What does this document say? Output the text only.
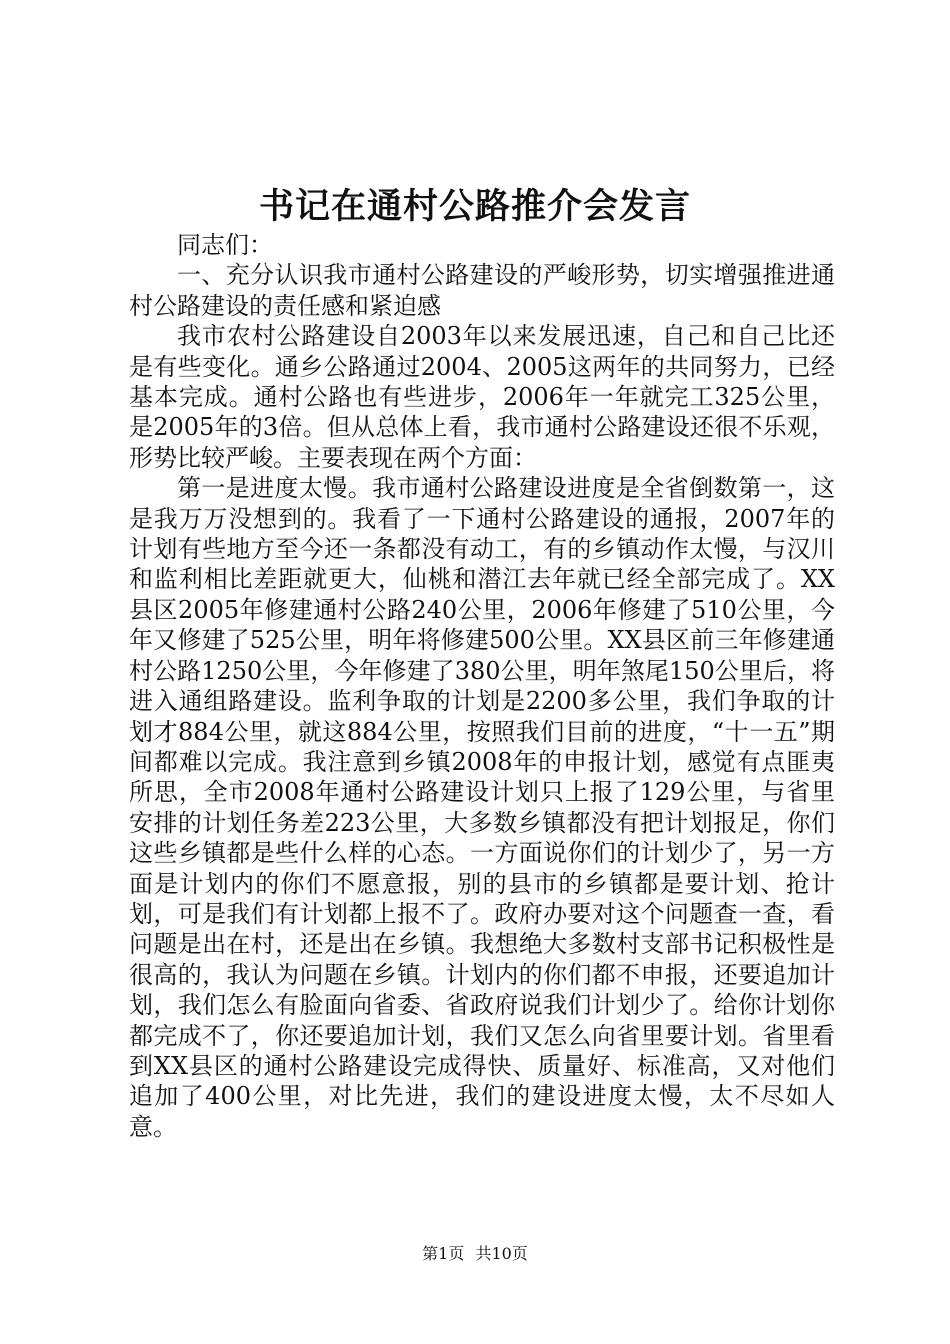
书记在通村公路推介会发言

同志们：

一、充分认识我市通村公路建设的严峻形势，切实增强推进通村公路建设的责任感和紧迫感

我市农村公路建设自2003年以来发展迅速，自己和自己比还是有些变化。通乡公路通过2004、2005这两年的共同努力，已经基本完成。通村公路也有些进步，2006年一年就完工325公里，是2005年的3倍。但从总体上看，我市通村公路建设还很不乐观，形势比较严峻。主要表现在两个方面：

第一是进度太慢。我市通村公路建设进度是全省倒数第一，这是我万万没想到的。我看了一下通村公路建设的通报，2007年的计划有些地方至今还一条都没有动工，有的乡镇动作太慢，与汉川和监利相比差距就更大，仙桃和潜江去年就已经全部完成了。XX县区2005年修建通村公路240公里，2006年修建了510公里，今年又修建了525公里，明年将修建500公里。XX县区前三年修建通村公路1250公里，今年修建了380公里，明年煞尾150公里后，将进入通组路建设。监利争取的计划是2200多公里，我们争取的计划才884公里，就这884公里，按照我们目前的进度，“十一五”期间都难以完成。我注意到乡镇2008年的申报计划，感觉有点匪夷所思，全市2008年通村公路建设计划只上报了129公里，与省里安排的计划任务差223公里，大多数乡镇都没有把计划报足，你们这些乡镇都是些什么样的心态。一方面说你们的计划少了，另一方面是计划内的你们不愿意报，别的县市的乡镇都是要计划、抢计划，可是我们有计划都上报不了。政府办要对这个问题查一查，看问题是出在村，还是出在乡镇。我想绝大多数村支部书记积极性是很高的，我认为问题在乡镇。计划内的你们都不申报，还要追加计划，我们怎么有脸面向省委、省政府说我们计划少了。给你计划你都完成不了，你还要追加计划，我们又怎么向省里要计划。省里看到XX县区的通村公路建设完成得快、质量好、标准高，又对他们追加了400公里，对比先进，我们的建设进度太慢，太不尽如人意。

第1页 共10页
